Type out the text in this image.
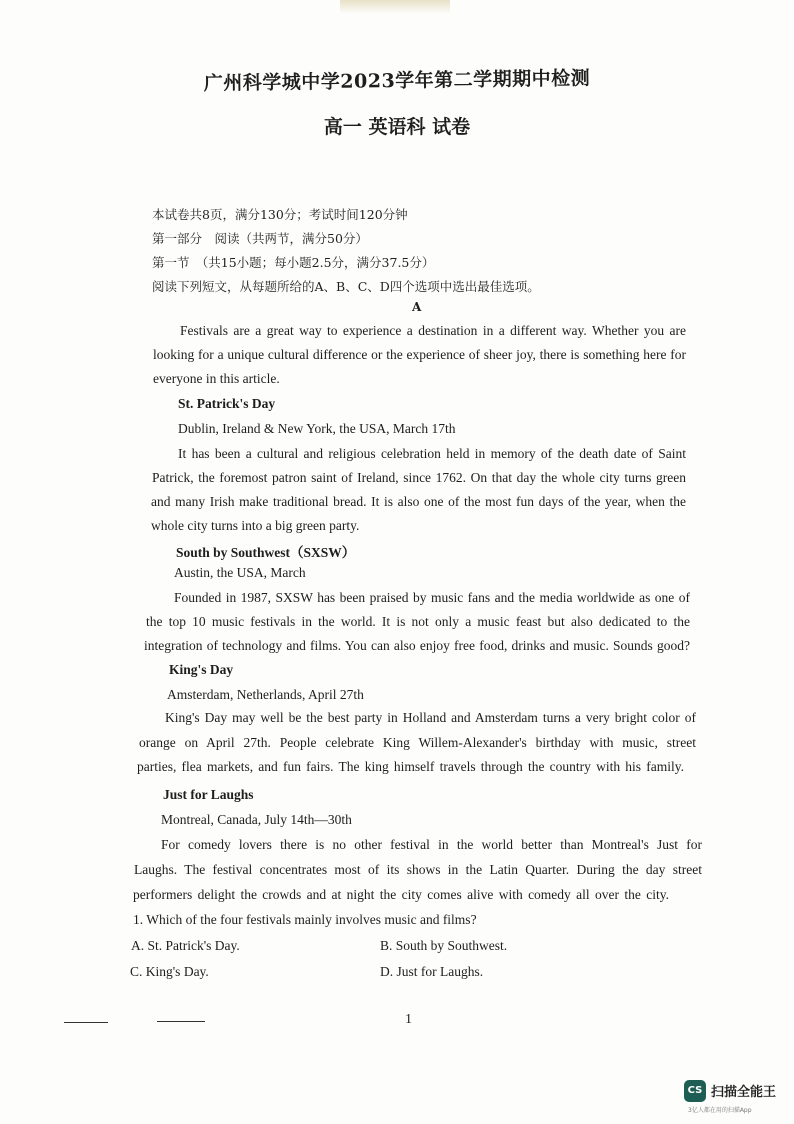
广州科学城中学2023学年第二学期期中检测
高一 英语科 试卷
本试卷共8页，满分130分；考试时间120分钟
第一部分　阅读（共两节，满分50分）
第一节　（共15小题；每小题2.5分，满分37.5分）
阅读下列短文，从每题所给的A、B、C、D四个选项中选出最佳选项。
A
Festivals are a great way to experience a destination in a different way. Whether you are
looking for a unique cultural difference or the experience of sheer joy, there is something here for
everyone in this article.
St. Patrick's Day
Dublin, Ireland & New York, the USA, March 17th
It has been a cultural and religious celebration held in memory of the death date of Saint
Patrick, the foremost patron saint of Ireland, since 1762. On that day the whole city turns green
and many Irish make traditional bread. It is also one of the most fun days of the year, when the
whole city turns into a big green party.
South by Southwest（SXSW）
Austin, the USA, March
Founded in 1987, SXSW has been praised by music fans and the media worldwide as one of
the top 10 music festivals in the world. It is not only a music feast but also dedicated to the
integration of technology and films. You can also enjoy free food, drinks and music. Sounds good?
King's Day
Amsterdam, Netherlands, April 27th
King's Day may well be the best party in Holland and Amsterdam turns a very bright color of
orange on April 27th. People celebrate King Willem-Alexander's birthday with music, street
parties, flea markets, and fun fairs. The king himself travels through the country with his family.
Just for Laughs
Montreal, Canada, July 14th—30th
For comedy lovers there is no other festival in the world better than Montreal's Just for
Laughs. The festival concentrates most of its shows in the Latin Quarter. During the day street
performers delight the crowds and at night the city comes alive with comedy all over the city.
1. Which of the four festivals mainly involves music and films?
A. St. Patrick's Day.	B. South by Southwest.
C. King's Day.	D. Just for Laughs.
1
CS 扫描全能王
3亿人都在用的扫描App
